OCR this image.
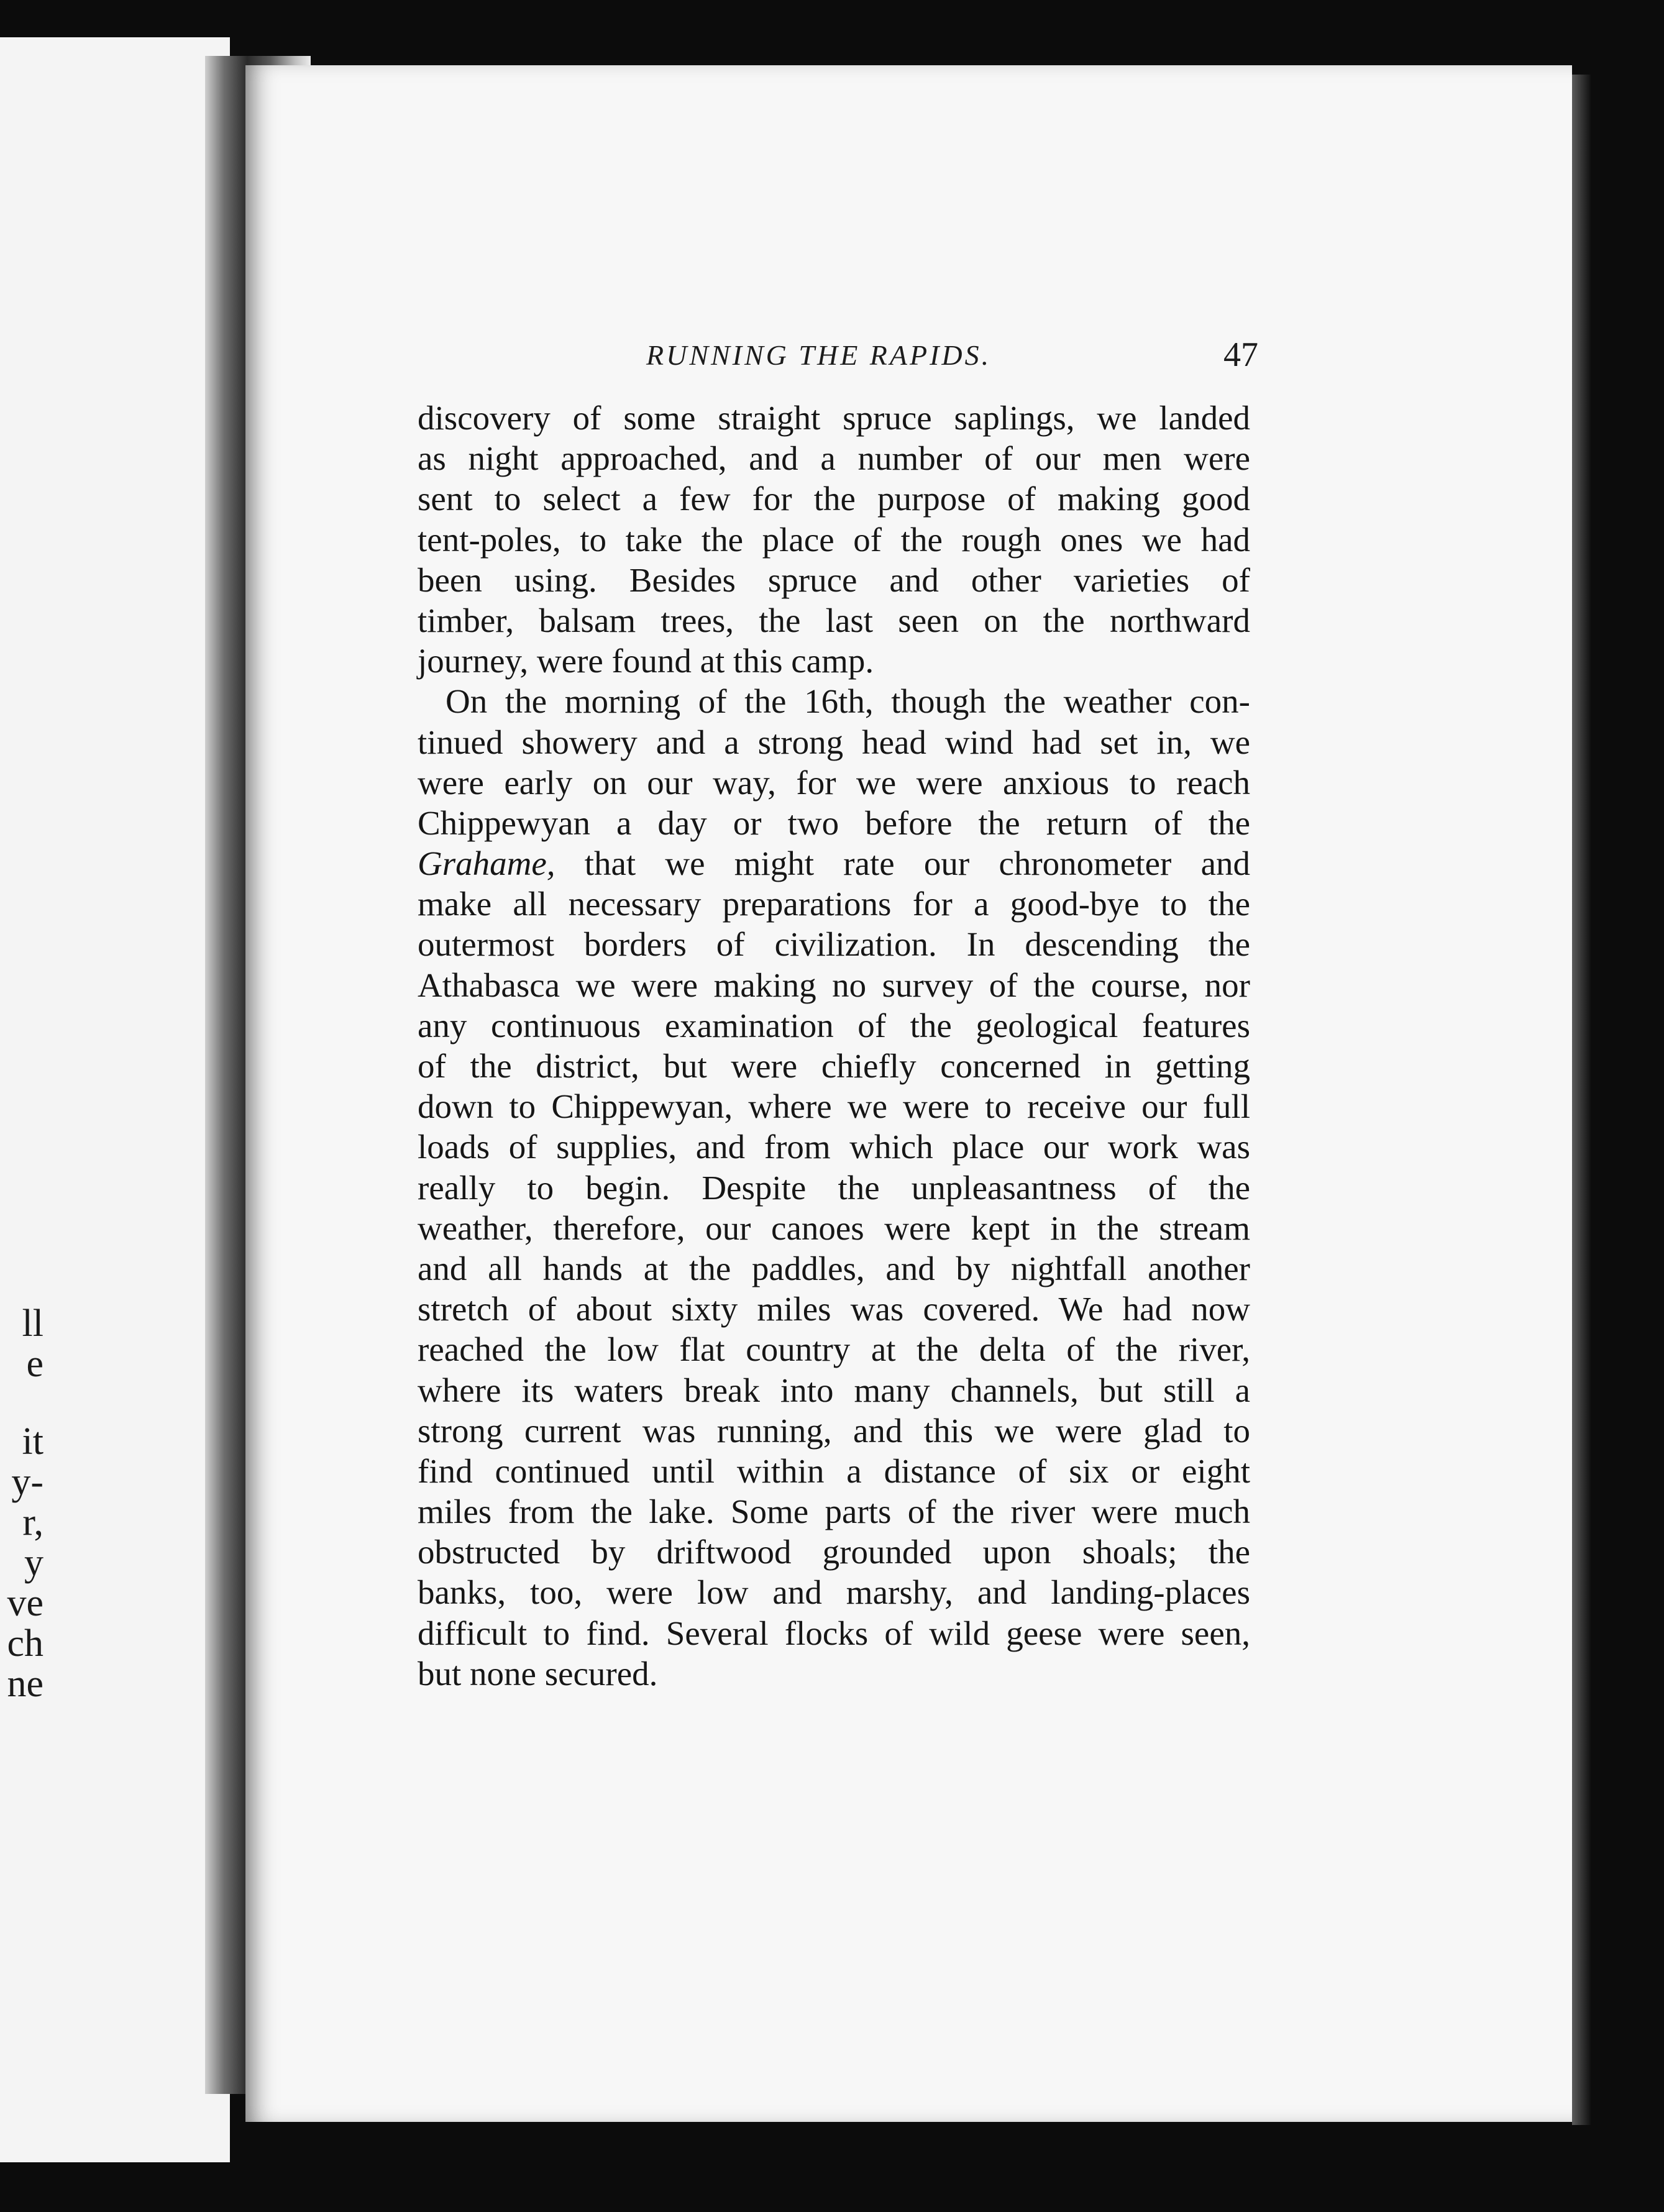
ll
e
it
y-
r,
y
ve
ch
ne
RUNNING THE RAPIDS.	47
discovery of some straight spruce saplings, we landed
as night approached, and a number of our men were
sent to select a few for the purpose of making good
tent-poles, to take the place of the rough ones we had
been using. Besides spruce and other varieties of
timber, balsam trees, the last seen on the northward
journey, were found at this camp.
On the morning of the 16th, though the weather con-
tinued showery and a strong head wind had set in, we
were early on our way, for we were anxious to reach
Chippewyan a day or two before the return of the
Grahame, that we might rate our chronometer and
make all necessary preparations for a good-bye to the
outermost borders of civilization. In descending the
Athabasca we were making no survey of the course, nor
any continuous examination of the geological features
of the district, but were chiefly concerned in getting
down to Chippewyan, where we were to receive our full
loads of supplies, and from which place our work was
really to begin. Despite the unpleasantness of the
weather, therefore, our canoes were kept in the stream
and all hands at the paddles, and by nightfall another
stretch of about sixty miles was covered. We had now
reached the low flat country at the delta of the river,
where its waters break into many channels, but still a
strong current was running, and this we were glad to
find continued until within a distance of six or eight
miles from the lake. Some parts of the river were much
obstructed by driftwood grounded upon shoals; the
banks, too, were low and marshy, and landing-places
difficult to find. Several flocks of wild geese were seen,
but none secured.
